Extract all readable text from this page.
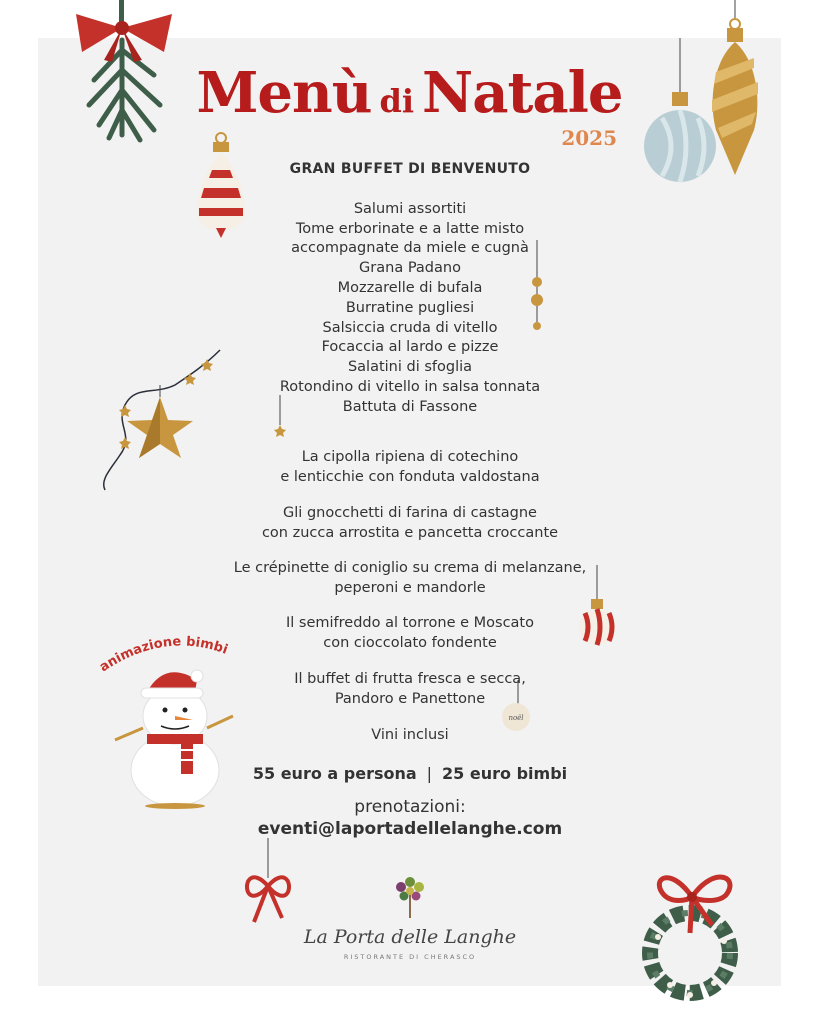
Menù di Natale
2025
GRAN BUFFET DI BENVENUTO
Salumi assortiti
Tome erborinate e a latte misto
accompagnate da miele e cugnà
Grana Padano
Mozzarelle di bufala
Burratine pugliesi
Salsiccia cruda di vitello
Focaccia al lardo e pizze
Salatini di sfoglia
Rotondino di vitello in salsa tonnata
Battuta di Fassone
La cipolla ripiena di cotechino
e lenticchie con fonduta valdostana
Gli gnocchetti di farina di castagne
con zucca arrostita e pancetta croccante
Le crépinette di coniglio su crema di melanzane,
peperoni e mandorle
Il semifreddo al torrone e Moscato
con cioccolato fondente
Il buffet di frutta fresca e secca,
Pandoro e Panettone
Vini inclusi
55 euro a persona | 25 euro bimbi
prenotazioni:
eventi@laportadellelanghe.com
La Porta delle Langhe
RISTORANTE DI CHERASCO
noël
animazione bimbi
